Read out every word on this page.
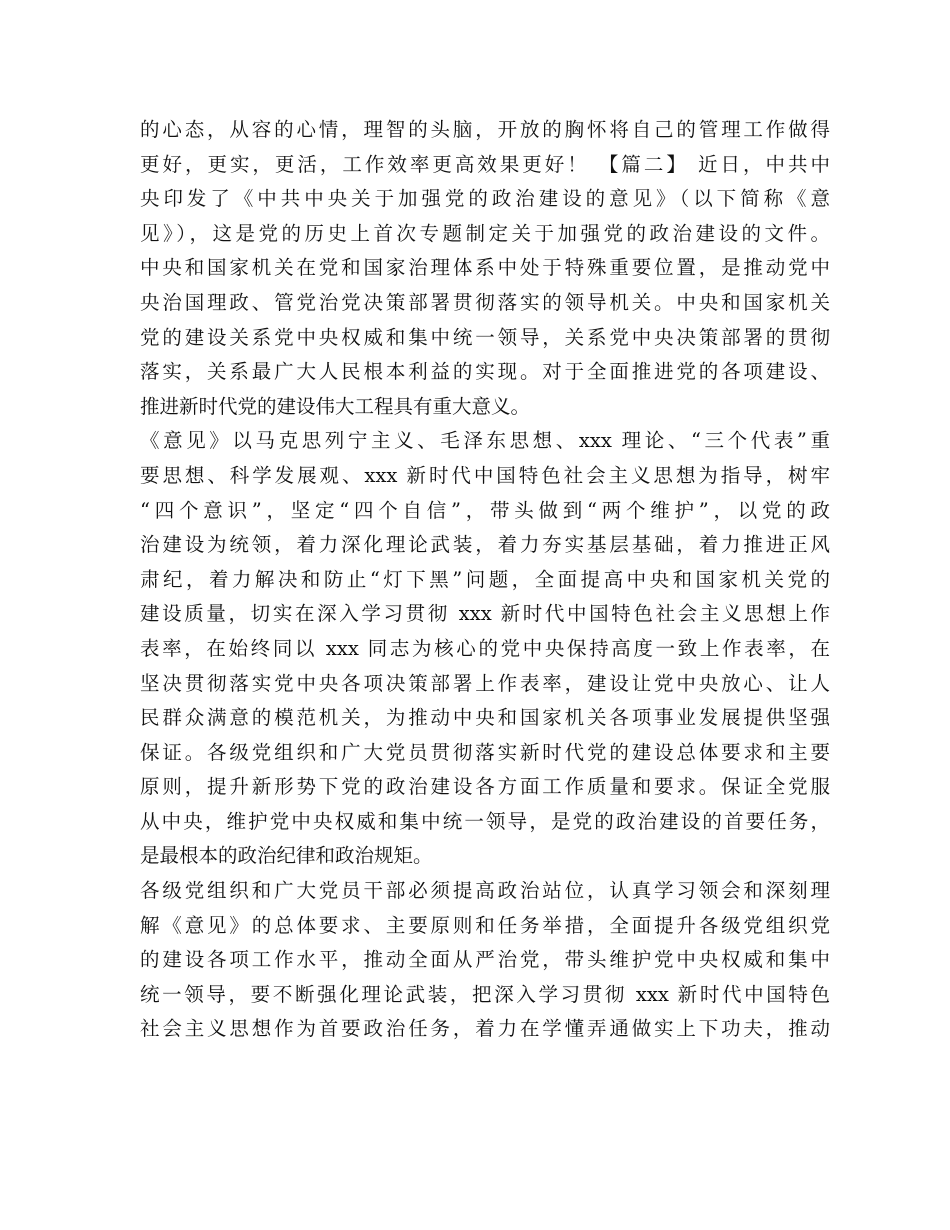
的心态，从容的心情，理智的头脑，开放的胸怀将自己的管理工作做得

更好，更实，更活，工作效率更高效果更好！ 【篇二】 近日，中共中

央印发了《中共中央关于加强党的政治建设的意见》（以下简称《意

见》），这是党的历史上首次专题制定关于加强党的政治建设的文件。

中央和国家机关在党和国家治理体系中处于特殊重要位置，是推动党中

央治国理政、管党治党决策部署贯彻落实的领导机关。中央和国家机关

党的建设关系党中央权威和集中统一领导，关系党中央决策部署的贯彻

落实，关系最广大人民根本利益的实现。对于全面推进党的各项建设、

推进新时代党的建设伟大工程具有重大意义。

《意见》以马克思列宁主义、毛泽东思想、xxx 理论、“三个代表”重

要思想、科学发展观、xxx 新时代中国特色社会主义思想为指导，树牢

“四个意识”，坚定“四个自信”，带头做到“两个维护”，以党的政

治建设为统领，着力深化理论武装，着力夯实基层基础，着力推进正风

肃纪，着力解决和防止“灯下黑”问题，全面提高中央和国家机关党的

建设质量，切实在深入学习贯彻 xxx 新时代中国特色社会主义思想上作

表率，在始终同以 xxx 同志为核心的党中央保持高度一致上作表率，在

坚决贯彻落实党中央各项决策部署上作表率，建设让党中央放心、让人

民群众满意的模范机关，为推动中央和国家机关各项事业发展提供坚强

保证。各级党组织和广大党员贯彻落实新时代党的建设总体要求和主要

原则，提升新形势下党的政治建设各方面工作质量和要求。保证全党服

从中央，维护党中央权威和集中统一领导，是党的政治建设的首要任务，

是最根本的政治纪律和政治规矩。

各级党组织和广大党员干部必须提高政治站位，认真学习领会和深刻理

解《意见》的总体要求、主要原则和任务举措，全面提升各级党组织党

的建设各项工作水平，推动全面从严治党，带头维护党中央权威和集中

统一领导，要不断强化理论武装，把深入学习贯彻 xxx 新时代中国特色

社会主义思想作为首要政治任务，着力在学懂弄通做实上下功夫，推动
